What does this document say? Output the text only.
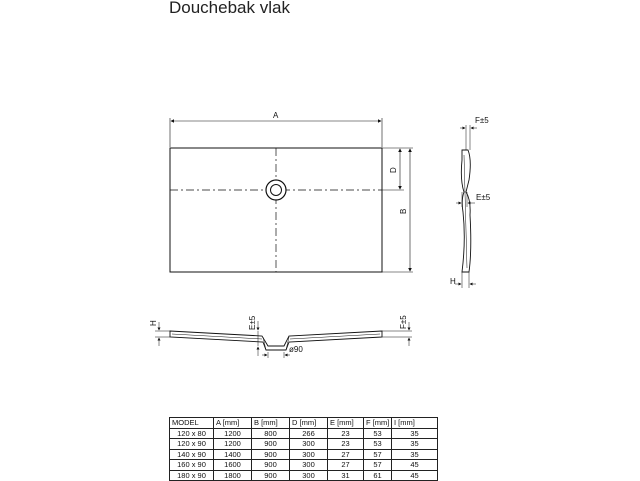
Douchebak vlak
A
D
B
F±5
E±5
H
H	E±5	F±5
ø90
MODEL	A [mm]	B [mm]	D [mm]	E [mm]	F [mm]	I [mm]
120 x 80	1200	800	266	23	53	35
120 x 90	1200	900	300	23	53	35
140 x 90	1400	900	300	27	57	35
160 x 90	1600	900	300	27	57	45
180 x 90	1800	900	300	31	61	45
